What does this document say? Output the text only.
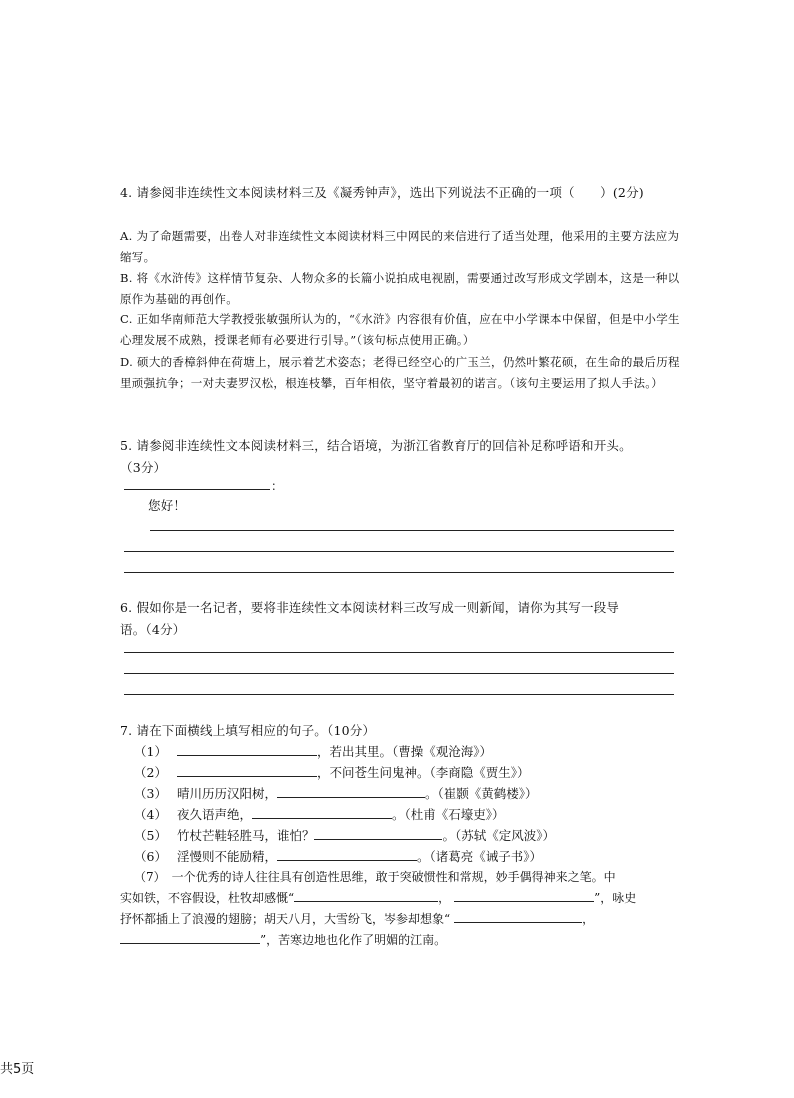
4. 请参阅非连续性文本阅读材料三及《凝秀钟声》，选出下列说法不正确的一项（　　）(2分)
A. 为了命题需要，出卷人对非连续性文本阅读材料三中网民的来信进行了适当处理，他采用的主要方法应为缩写。
B. 将《水浒传》这样情节复杂、人物众多的长篇小说拍成电视剧，需要通过改写形成文学剧本，这是一种以原作为基础的再创作。
C. 正如华南师范大学教授张敏强所认为的，“《水浒》内容很有价值，应在中小学课本中保留，但是中小学生心理发展不成熟，授课老师有必要进行引导。”（该句标点使用正确。）
D. 硕大的香樟斜伸在荷塘上，展示着艺术姿态；老得已经空心的广玉兰，仍然叶繁花硕，在生命的最后历程里顽强抗争；一对夫妻罗汉松，根连枝攀，百年相依，坚守着最初的诺言。（该句主要运用了拟人手法。）
5. 请参阅非连续性文本阅读材料三，结合语境，为浙江省教育厅的回信补足称呼语和开头。
（3分）
：
您好！
6. 假如你是一名记者，要将非连续性文本阅读材料三改写成一则新闻，请你为其写一段导
语。（4分）
7. 请在下面横线上填写相应的句子。（10分）
（1）	，若出其里。（曹操《观沧海》）
（2）	，不问苍生问鬼神。（李商隐《贾生》）
（3） 晴川历历汉阳树，	。（崔颢《黄鹤楼》）
（4） 夜久语声绝，	。（杜甫《石壕吏》）
（5） 竹杖芒鞋轻胜马，谁怕？	。（苏轼《定风波》）
（6） 淫慢则不能励精，	。（诸葛亮《诫子书》）
（7）　一个优秀的诗人往往具有创造性思维，敢于突破惯性和常规，妙手偶得神来之笔。中
实如铁，不容假设，杜牧却感慨“	，	”，咏史
抒怀都插上了浪漫的翅膀；胡天八月，大雪纷飞，岑参却想象“	，
”，苦寒边地也化作了明媚的江南。
共5页
